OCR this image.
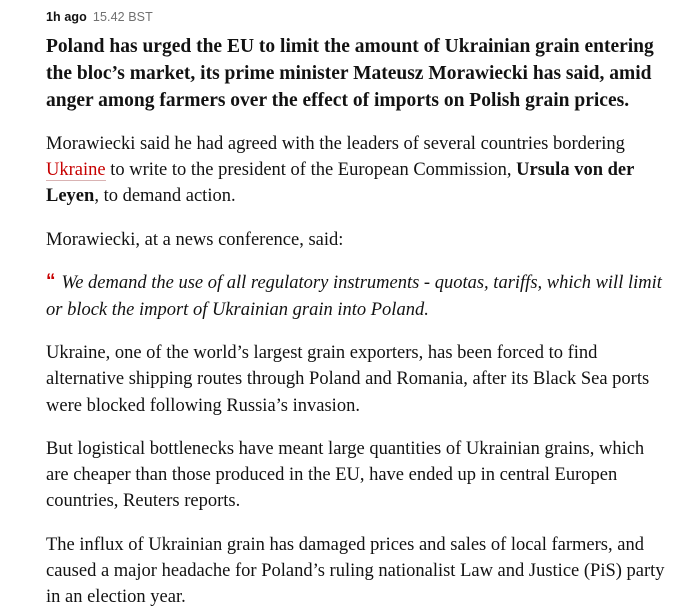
1h ago 15.42 BST

Poland has urged the EU to limit the amount of Ukrainian grain entering the bloc’s market, its prime minister Mateusz Morawiecki has said, amid anger among farmers over the effect of imports on Polish grain prices.

Morawiecki said he had agreed with the leaders of several countries bordering Ukraine to write to the president of the European Commission, Ursula von der Leyen, to demand action.

Morawiecki, at a news conference, said:

“ We demand the use of all regulatory instruments - quotas, tariffs, which will limit or block the import of Ukrainian grain into Poland.

Ukraine, one of the world’s largest grain exporters, has been forced to find alternative shipping routes through Poland and Romania, after its Black Sea ports were blocked following Russia’s invasion.

But logistical bottlenecks have meant large quantities of Ukrainian grains, which are cheaper than those produced in the EU, have ended up in central Europen countries, Reuters reports.

The influx of Ukrainian grain has damaged prices and sales of local farmers, and caused a major headache for Poland’s ruling nationalist Law and Justice (PiS) party in an election year.
